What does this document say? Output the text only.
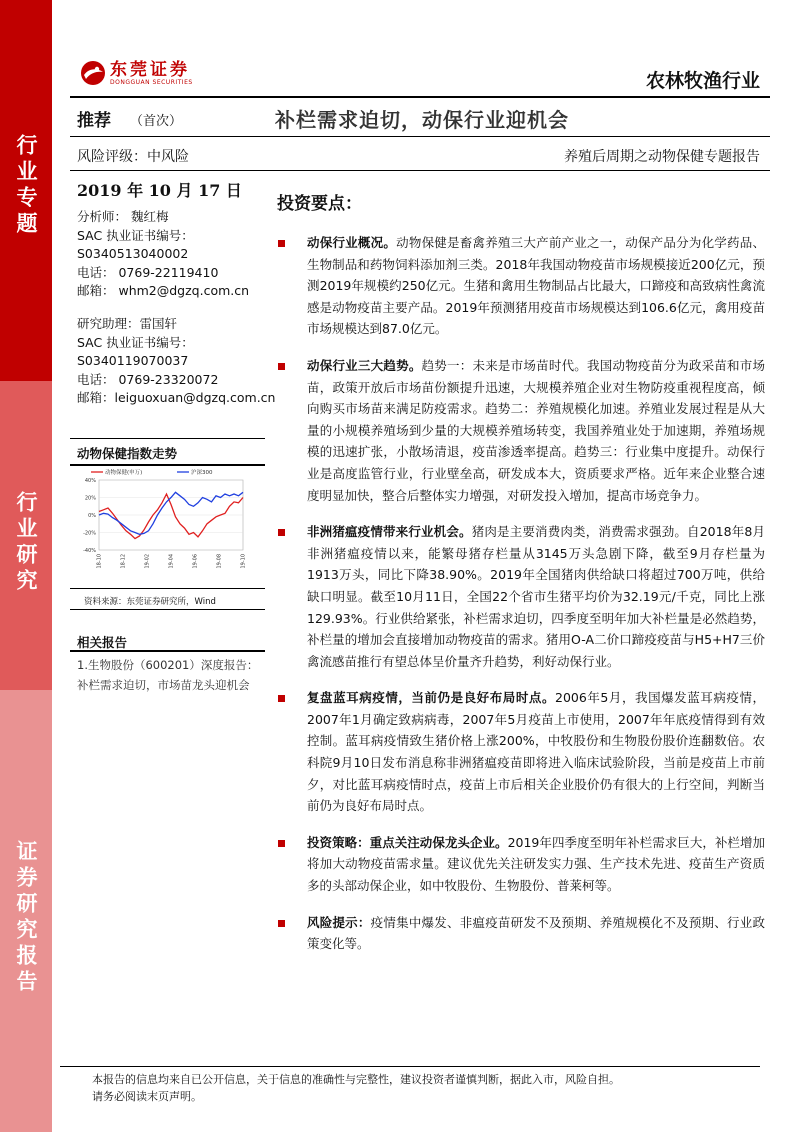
行业专题
行业研究
证券研究报告
东莞证券
DONGGUAN SECURITIES	农林牧渔行业
推荐 （首次）	补栏需求迫切，动保行业迎机会
风险评级：中风险	养殖后周期之动物保健专题报告
2019 年 10 月 17 日
分析师： 魏红梅
SAC 执业证书编号：
S0340513040002
电话： 0769-22119410
邮箱： whm2@dgzq.com.cn
研究助理：雷国轩
SAC 执业证书编号：
S0340119070037
电话： 0769-23320072
邮箱：leiguoxuan@dgzq.com.cn
动物保健指数走势
40%
20%
0%
-20%
-40%
18-10	18-12	19-02	19-04	19-06	19-08	19-10
动物保健(申万)	沪深300
资料来源：东莞证券研究所，Wind
相关报告
1.生物股份（600201）深度报告：补栏需求迫切，市场苗龙头迎机会
投资要点：
动保行业概况。动物保健是畜禽养殖三大产前产业之一，动保产品分为化学药品、生物制品和药物饲料添加剂三类。2018年我国动物疫苗市场规模接近200亿元，预测2019年规模约250亿元。生猪和禽用生物制品占比最大，口蹄疫和高致病性禽流感是动物疫苗主要产品。2019年预测猪用疫苗市场规模达到106.6亿元，禽用疫苗市场规模达到87.0亿元。
动保行业三大趋势。趋势一：未来是市场苗时代。我国动物疫苗分为政采苗和市场苗，政策开放后市场苗份额提升迅速，大规模养殖企业对生物防疫重视程度高，倾向购买市场苗来满足防疫需求。趋势二：养殖规模化加速。养殖业发展过程是从大量的小规模养殖场到少量的大规模养殖场转变，我国养殖业处于加速期，养殖场规模的迅速扩张，小散场清退，疫苗渗透率提高。趋势三：行业集中度提升。动保行业是高度监管行业，行业壁垒高，研发成本大，资质要求严格。近年来企业整合速度明显加快，整合后整体实力增强，对研发投入增加，提高市场竞争力。
非洲猪瘟疫情带来行业机会。猪肉是主要消费肉类，消费需求强劲。自2018年8月非洲猪瘟疫情以来，能繁母猪存栏量从3145万头急剧下降，截至9月存栏量为1913万头，同比下降38.90%。2019年全国猪肉供给缺口将超过700万吨，供给缺口明显。截至10月11日，全国22个省市生猪平均价为32.19元/千克，同比上涨129.93%。行业供给紧张，补栏需求迫切，四季度至明年加大补栏量是必然趋势，补栏量的增加会直接增加动物疫苗的需求。猪用O-A二价口蹄疫疫苗与H5+H7三价禽流感苗推行有望总体呈价量齐升趋势，利好动保行业。
复盘蓝耳病疫情，当前仍是良好布局时点。2006年5月，我国爆发蓝耳病疫情，2007年1月确定致病病毒，2007年5月疫苗上市使用，2007年年底疫情得到有效控制。蓝耳病疫情致生猪价格上涨200%，中牧股份和生物股份股价连翻数倍。农科院9月10日发布消息称非洲猪瘟疫苗即将进入临床试验阶段，当前是疫苗上市前夕，对比蓝耳病疫情时点，疫苗上市后相关企业股价仍有很大的上行空间，判断当前仍为良好布局时点。
投资策略：重点关注动保龙头企业。2019年四季度至明年补栏需求巨大，补栏增加将加大动物疫苗需求量。建议优先关注研发实力强、生产技术先进、疫苗生产资质多的头部动保企业，如中牧股份、生物股份、普莱柯等。
风险提示：疫情集中爆发、非瘟疫苗研发不及预期、养殖规模化不及预期、行业政策变化等。
本报告的信息均来自已公开信息，关于信息的准确性与完整性，建议投资者谨慎判断，据此入市，风险自担。
请务必阅读末页声明。
